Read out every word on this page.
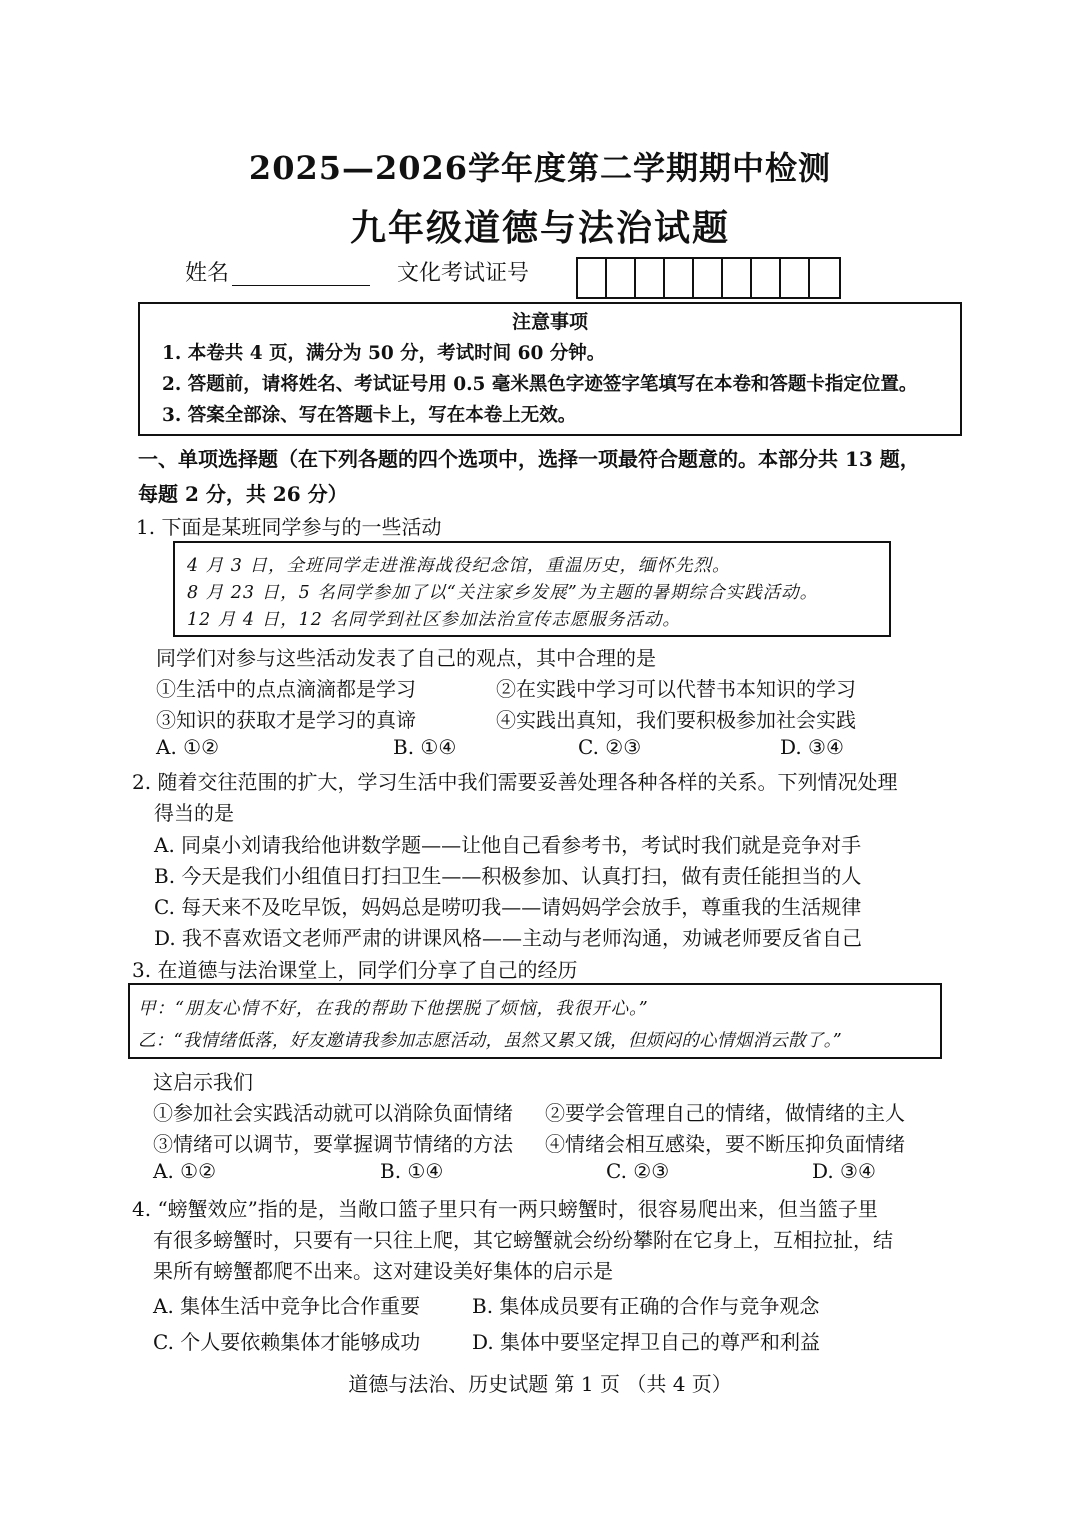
2025—2026学年度第二学期期中检测
九年级道德与法治试题
姓名	文化考试证号
注意事项
1. 本卷共 4 页，满分为 50 分，考试时间 60 分钟。
2. 答题前，请将姓名、考试证号用 0.5 毫米黑色字迹签字笔填写在本卷和答题卡指定位置。
3. 答案全部涂、写在答题卡上，写在本卷上无效。
一、单项选择题（在下列各题的四个选项中，选择一项最符合题意的。本部分共 13 题，
每题 2 分，共 26 分）
1. 下面是某班同学参与的一些活动
4 月 3 日，全班同学走进淮海战役纪念馆，重温历史，缅怀先烈。
8 月 23 日，5 名同学参加了以“关注家乡发展”为主题的暑期综合实践活动。
12 月 4 日，12 名同学到社区参加法治宣传志愿服务活动。
同学们对参与这些活动发表了自己的观点，其中合理的是
①生活中的点点滴滴都是学习	②在实践中学习可以代替书本知识的学习
③知识的获取才是学习的真谛	④实践出真知，我们要积极参加社会实践
A. ①②	B. ①④	C. ②③	D. ③④
2. 随着交往范围的扩大，学习生活中我们需要妥善处理各种各样的关系。下列情况处理
得当的是
A. 同桌小刘请我给他讲数学题——让他自己看参考书，考试时我们就是竞争对手
B. 今天是我们小组值日打扫卫生——积极参加、认真打扫，做有责任能担当的人
C. 每天来不及吃早饭，妈妈总是唠叨我——请妈妈学会放手，尊重我的生活规律
D. 我不喜欢语文老师严肃的讲课风格——主动与老师沟通，劝诫老师要反省自己
3. 在道德与法治课堂上，同学们分享了自己的经历
甲：“朋友心情不好，在我的帮助下他摆脱了烦恼，我很开心。”
乙：“我情绪低落，好友邀请我参加志愿活动，虽然又累又饿，但烦闷的心情烟消云散了。”
这启示我们
①参加社会实践活动就可以消除负面情绪 ②要学会管理自己的情绪，做情绪的主人
③情绪可以调节，要掌握调节情绪的方法 ④情绪会相互感染，要不断压抑负面情绪
A. ①②	B. ①④	C. ②③	D. ③④
4. “螃蟹效应”指的是，当敞口篮子里只有一两只螃蟹时，很容易爬出来，但当篮子里
有很多螃蟹时，只要有一只往上爬，其它螃蟹就会纷纷攀附在它身上，互相拉扯，结
果所有螃蟹都爬不出来。这对建设美好集体的启示是
A. 集体生活中竞争比合作重要	B. 集体成员要有正确的合作与竞争观念
C. 个人要依赖集体才能够成功	D. 集体中要坚定捍卫自己的尊严和利益
道德与法治、历史试题 第 1 页 （共 4 页）
